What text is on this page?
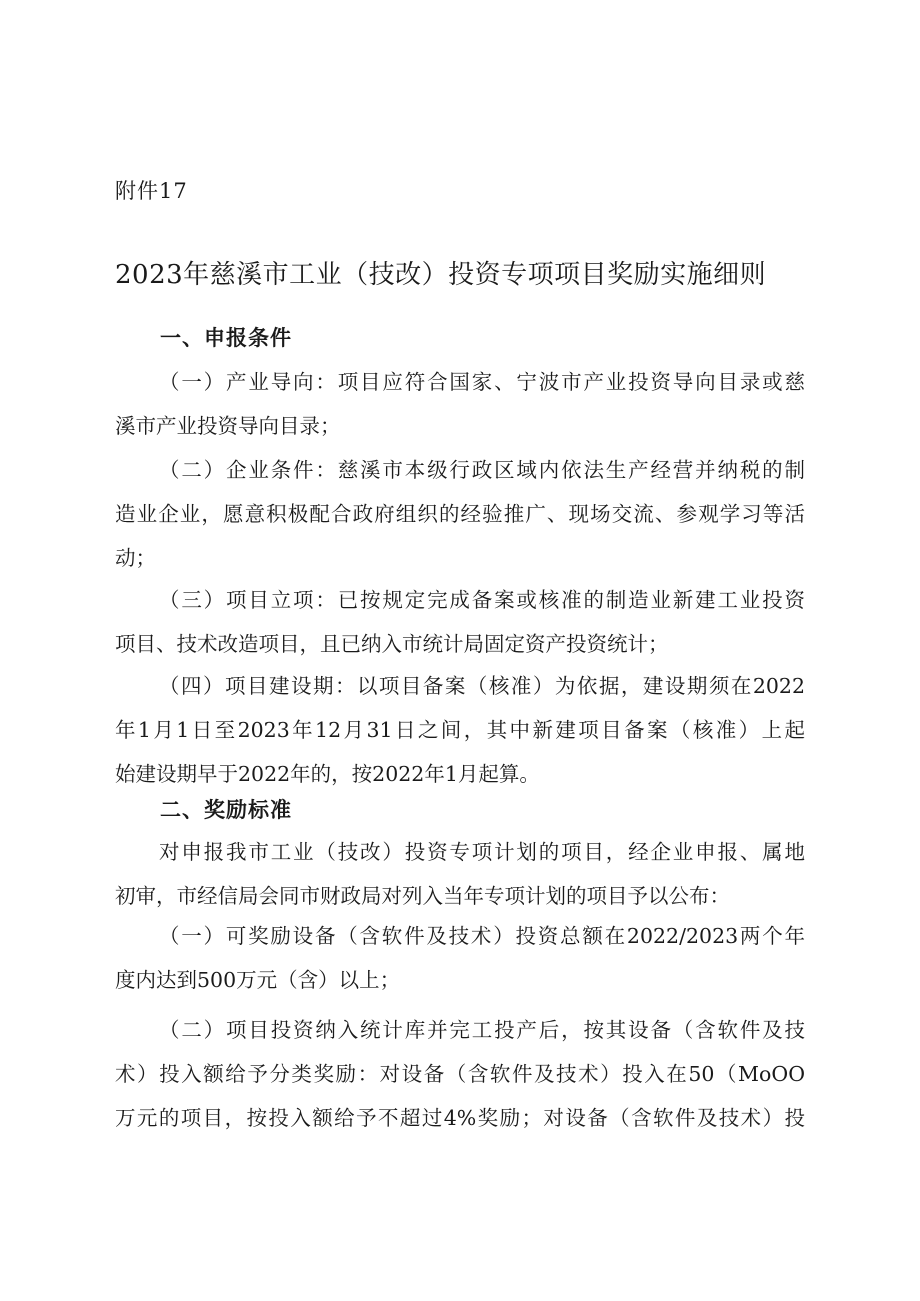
附件17
2023年慈溪市工业（技改）投资专项项目奖励实施细则
一、申报条件
（一）产业导向：项目应符合国家、宁波市产业投资导向目录或慈
溪市产业投资导向目录；
（二）企业条件：慈溪市本级行政区域内依法生产经营并纳税的制
造业企业，愿意积极配合政府组织的经验推广、现场交流、参观学习等活
动；
（三）项目立项：已按规定完成备案或核准的制造业新建工业投资
项目、技术改造项目，且已纳入市统计局固定资产投资统计；
（四）项目建设期：以项目备案（核准）为依据，建设期须在2022
年1月1日至2023年12月31日之间，其中新建项目备案（核准）上起
始建设期早于2022年的，按2022年1月起算。
二、奖励标准
对申报我市工业（技改）投资专项计划的项目，经企业申报、属地
初审，市经信局会同市财政局对列入当年专项计划的项目予以公布：
（一）可奖励设备（含软件及技术）投资总额在2022/2023两个年
度内达到500万元（含）以上；
（二）项目投资纳入统计库并完工投产后，按其设备（含软件及技
术）投入额给予分类奖励：对设备（含软件及技术）投入在50（MoOO
万元的项目，按投入额给予不超过4%奖励；对设备（含软件及技术）投
